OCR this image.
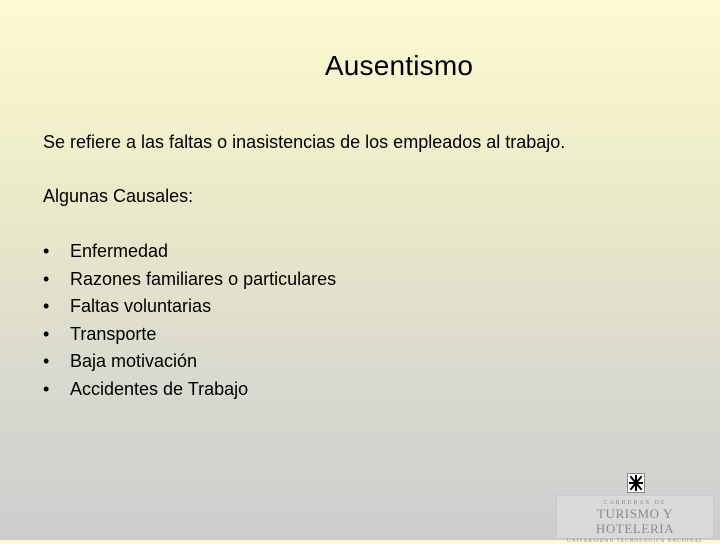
Ausentismo
Se refiere a las faltas o inasistencias de los empleados al trabajo.
Algunas Causales:
• Enfermedad
• Razones familiares o particulares
• Faltas voluntarias
• Transporte
• Baja motivación
• Accidentes de Trabajo
CARRERAS DE
TURISMO Y HOTELERIA
UNIVERSIDAD TECNOLOGICA NACIONAL
